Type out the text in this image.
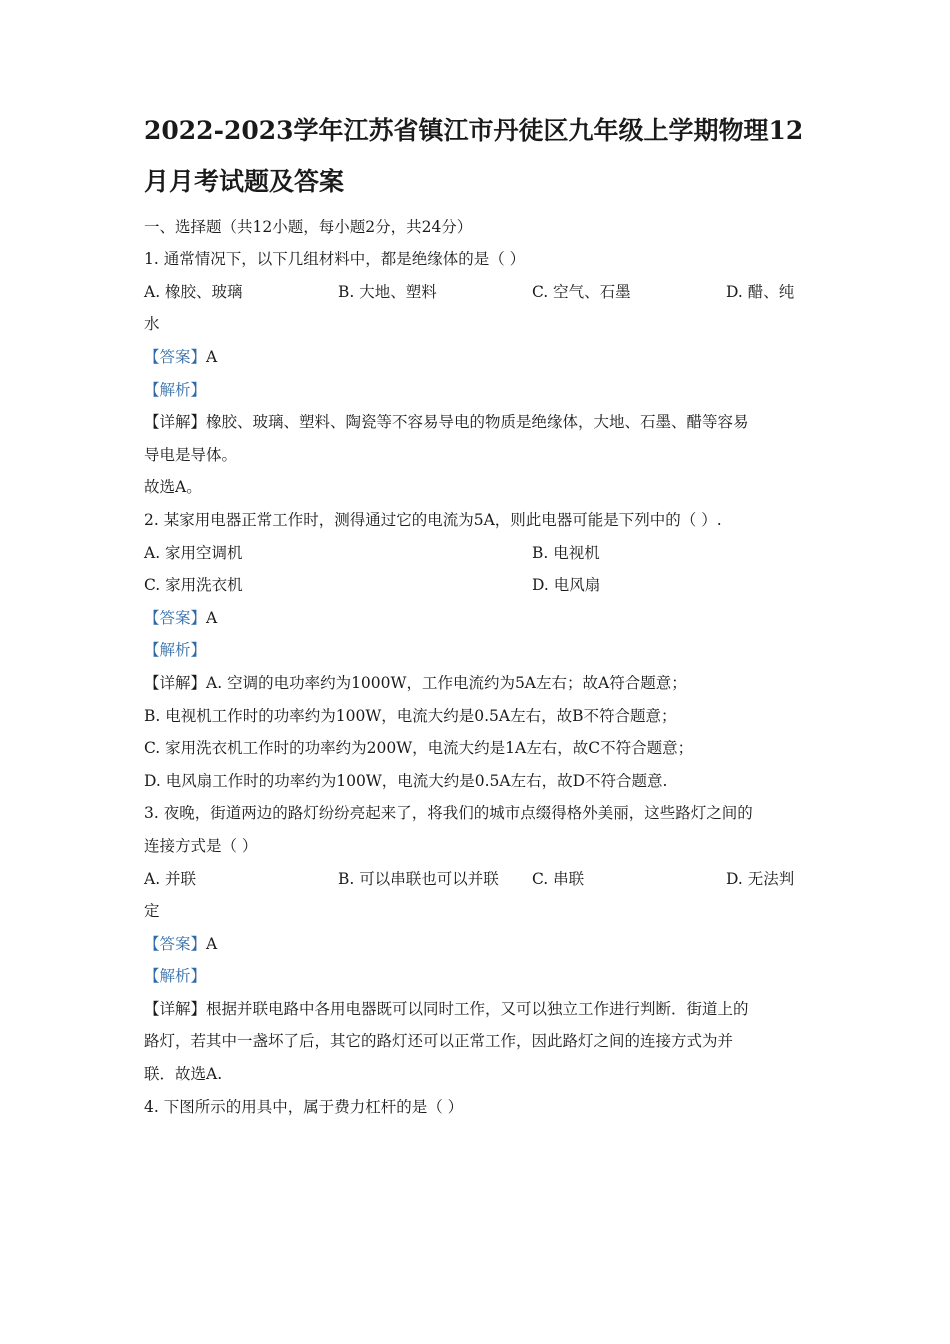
2022-2023学年江苏省镇江市丹徒区九年级上学期物理12
月月考试题及答案
一、选择题（共12小题，每小题2分，共24分）
1. 通常情况下，以下几组材料中，都是绝缘体的是（ ）
A. 橡胶、玻璃	B. 大地、塑料	C. 空气、石墨	D. 醋、纯
水
【答案】A
【解析】
【详解】橡胶、玻璃、塑料、陶瓷等不容易导电的物质是绝缘体，大地、石墨、醋等容易
导电是导体。
故选A。
2. 某家用电器正常工作时，测得通过它的电流为5A，则此电器可能是下列中的（ ）.
A. 家用空调机	B. 电视机
C. 家用洗衣机	D. 电风扇
【答案】A
【解析】
【详解】A. 空调的电功率约为1000W，工作电流约为5A左右；故A符合题意；
B. 电视机工作时的功率约为100W，电流大约是0.5A左右，故B不符合题意；
C. 家用洗衣机工作时的功率约为200W，电流大约是1A左右，故C不符合题意；
D. 电风扇工作时的功率约为100W，电流大约是0.5A左右，故D不符合题意.
3. 夜晚，街道两边的路灯纷纷亮起来了，将我们的城市点缀得格外美丽，这些路灯之间的
连接方式是（ ）
A. 并联	B. 可以串联也可以并联 C. 串联	D. 无法判
定
【答案】A
【解析】
【详解】根据并联电路中各用电器既可以同时工作，又可以独立工作进行判断．街道上的
路灯，若其中一盏坏了后，其它的路灯还可以正常工作，因此路灯之间的连接方式为并
联．故选A.
4. 下图所示的用具中，属于费力杠杆的是（ ）
